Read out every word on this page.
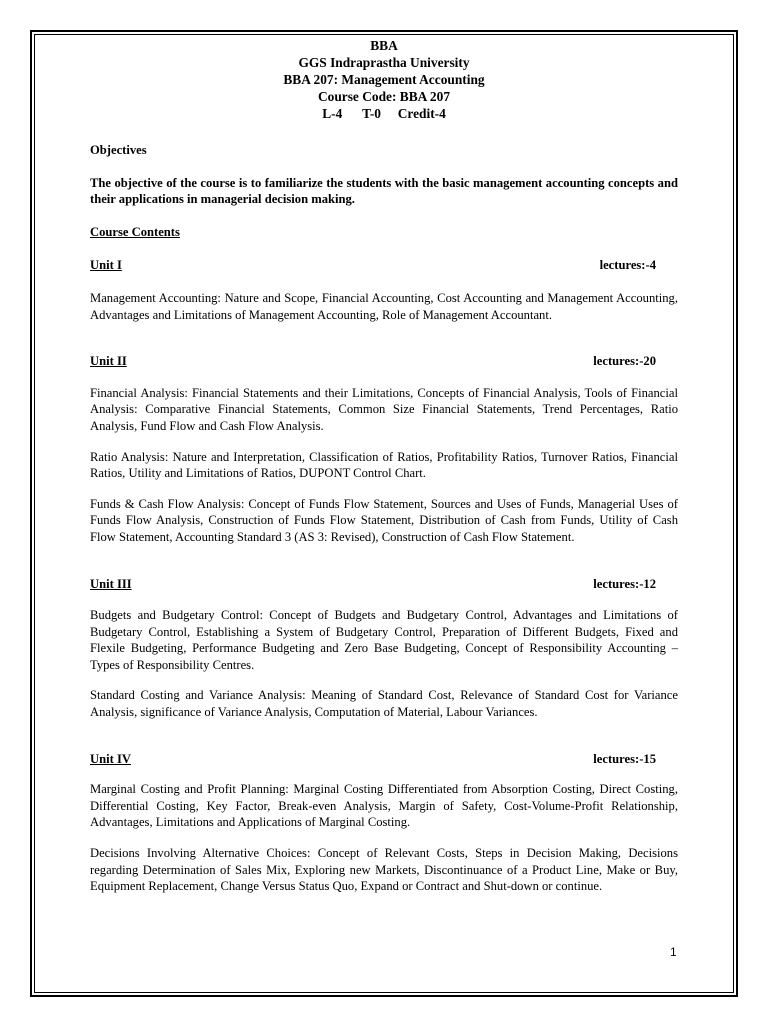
BBA
GGS Indraprastha University
BBA 207: Management Accounting
Course Code: BBA 207
L-4      T-0     Credit-4
Objectives

The objective of the course is to familiarize the students with the basic management accounting concepts and their applications in managerial decision making.

Course Contents
Unit I	lectures:-4

Management Accounting: Nature and Scope, Financial Accounting, Cost Accounting and Management Accounting, Advantages and Limitations of Management Accounting, Role of Management Accountant.

Unit II	lectures:-20

Financial Analysis: Financial Statements and their Limitations, Concepts of Financial Analysis, Tools of Financial Analysis: Comparative Financial Statements, Common Size Financial Statements, Trend Percentages, Ratio Analysis, Fund Flow and Cash Flow Analysis.

Ratio Analysis: Nature and Interpretation, Classification of Ratios, Profitability Ratios, Turnover Ratios, Financial Ratios, Utility and Limitations of Ratios, DUPONT Control Chart.

Funds & Cash Flow Analysis: Concept of Funds Flow Statement, Sources and Uses of Funds, Managerial Uses of Funds Flow Analysis, Construction of Funds Flow Statement, Distribution of Cash from Funds, Utility of Cash Flow Statement, Accounting Standard 3 (AS 3: Revised), Construction of Cash Flow Statement.

Unit III	lectures:-12

Budgets and Budgetary Control: Concept of Budgets and Budgetary Control, Advantages and Limitations of Budgetary Control, Establishing a System of Budgetary Control, Preparation of Different Budgets, Fixed and Flexile Budgeting, Performance Budgeting and Zero Base Budgeting, Concept of Responsibility Accounting – Types of Responsibility Centres.

Standard Costing and Variance Analysis: Meaning of Standard Cost, Relevance of Standard Cost for Variance Analysis, significance of Variance Analysis, Computation of Material, Labour Variances.

Unit IV	lectures:-15

Marginal Costing and Profit Planning: Marginal Costing Differentiated from Absorption Costing, Direct Costing, Differential Costing, Key Factor, Break-even Analysis, Margin of Safety, Cost-Volume-Profit Relationship, Advantages, Limitations and Applications of Marginal Costing.

Decisions Involving Alternative Choices: Concept of Relevant Costs, Steps in Decision Making, Decisions regarding Determination of Sales Mix, Exploring new Markets, Discontinuance of a Product Line, Make or Buy, Equipment Replacement, Change Versus Status Quo, Expand or Contract and Shut-down or continue.

1
